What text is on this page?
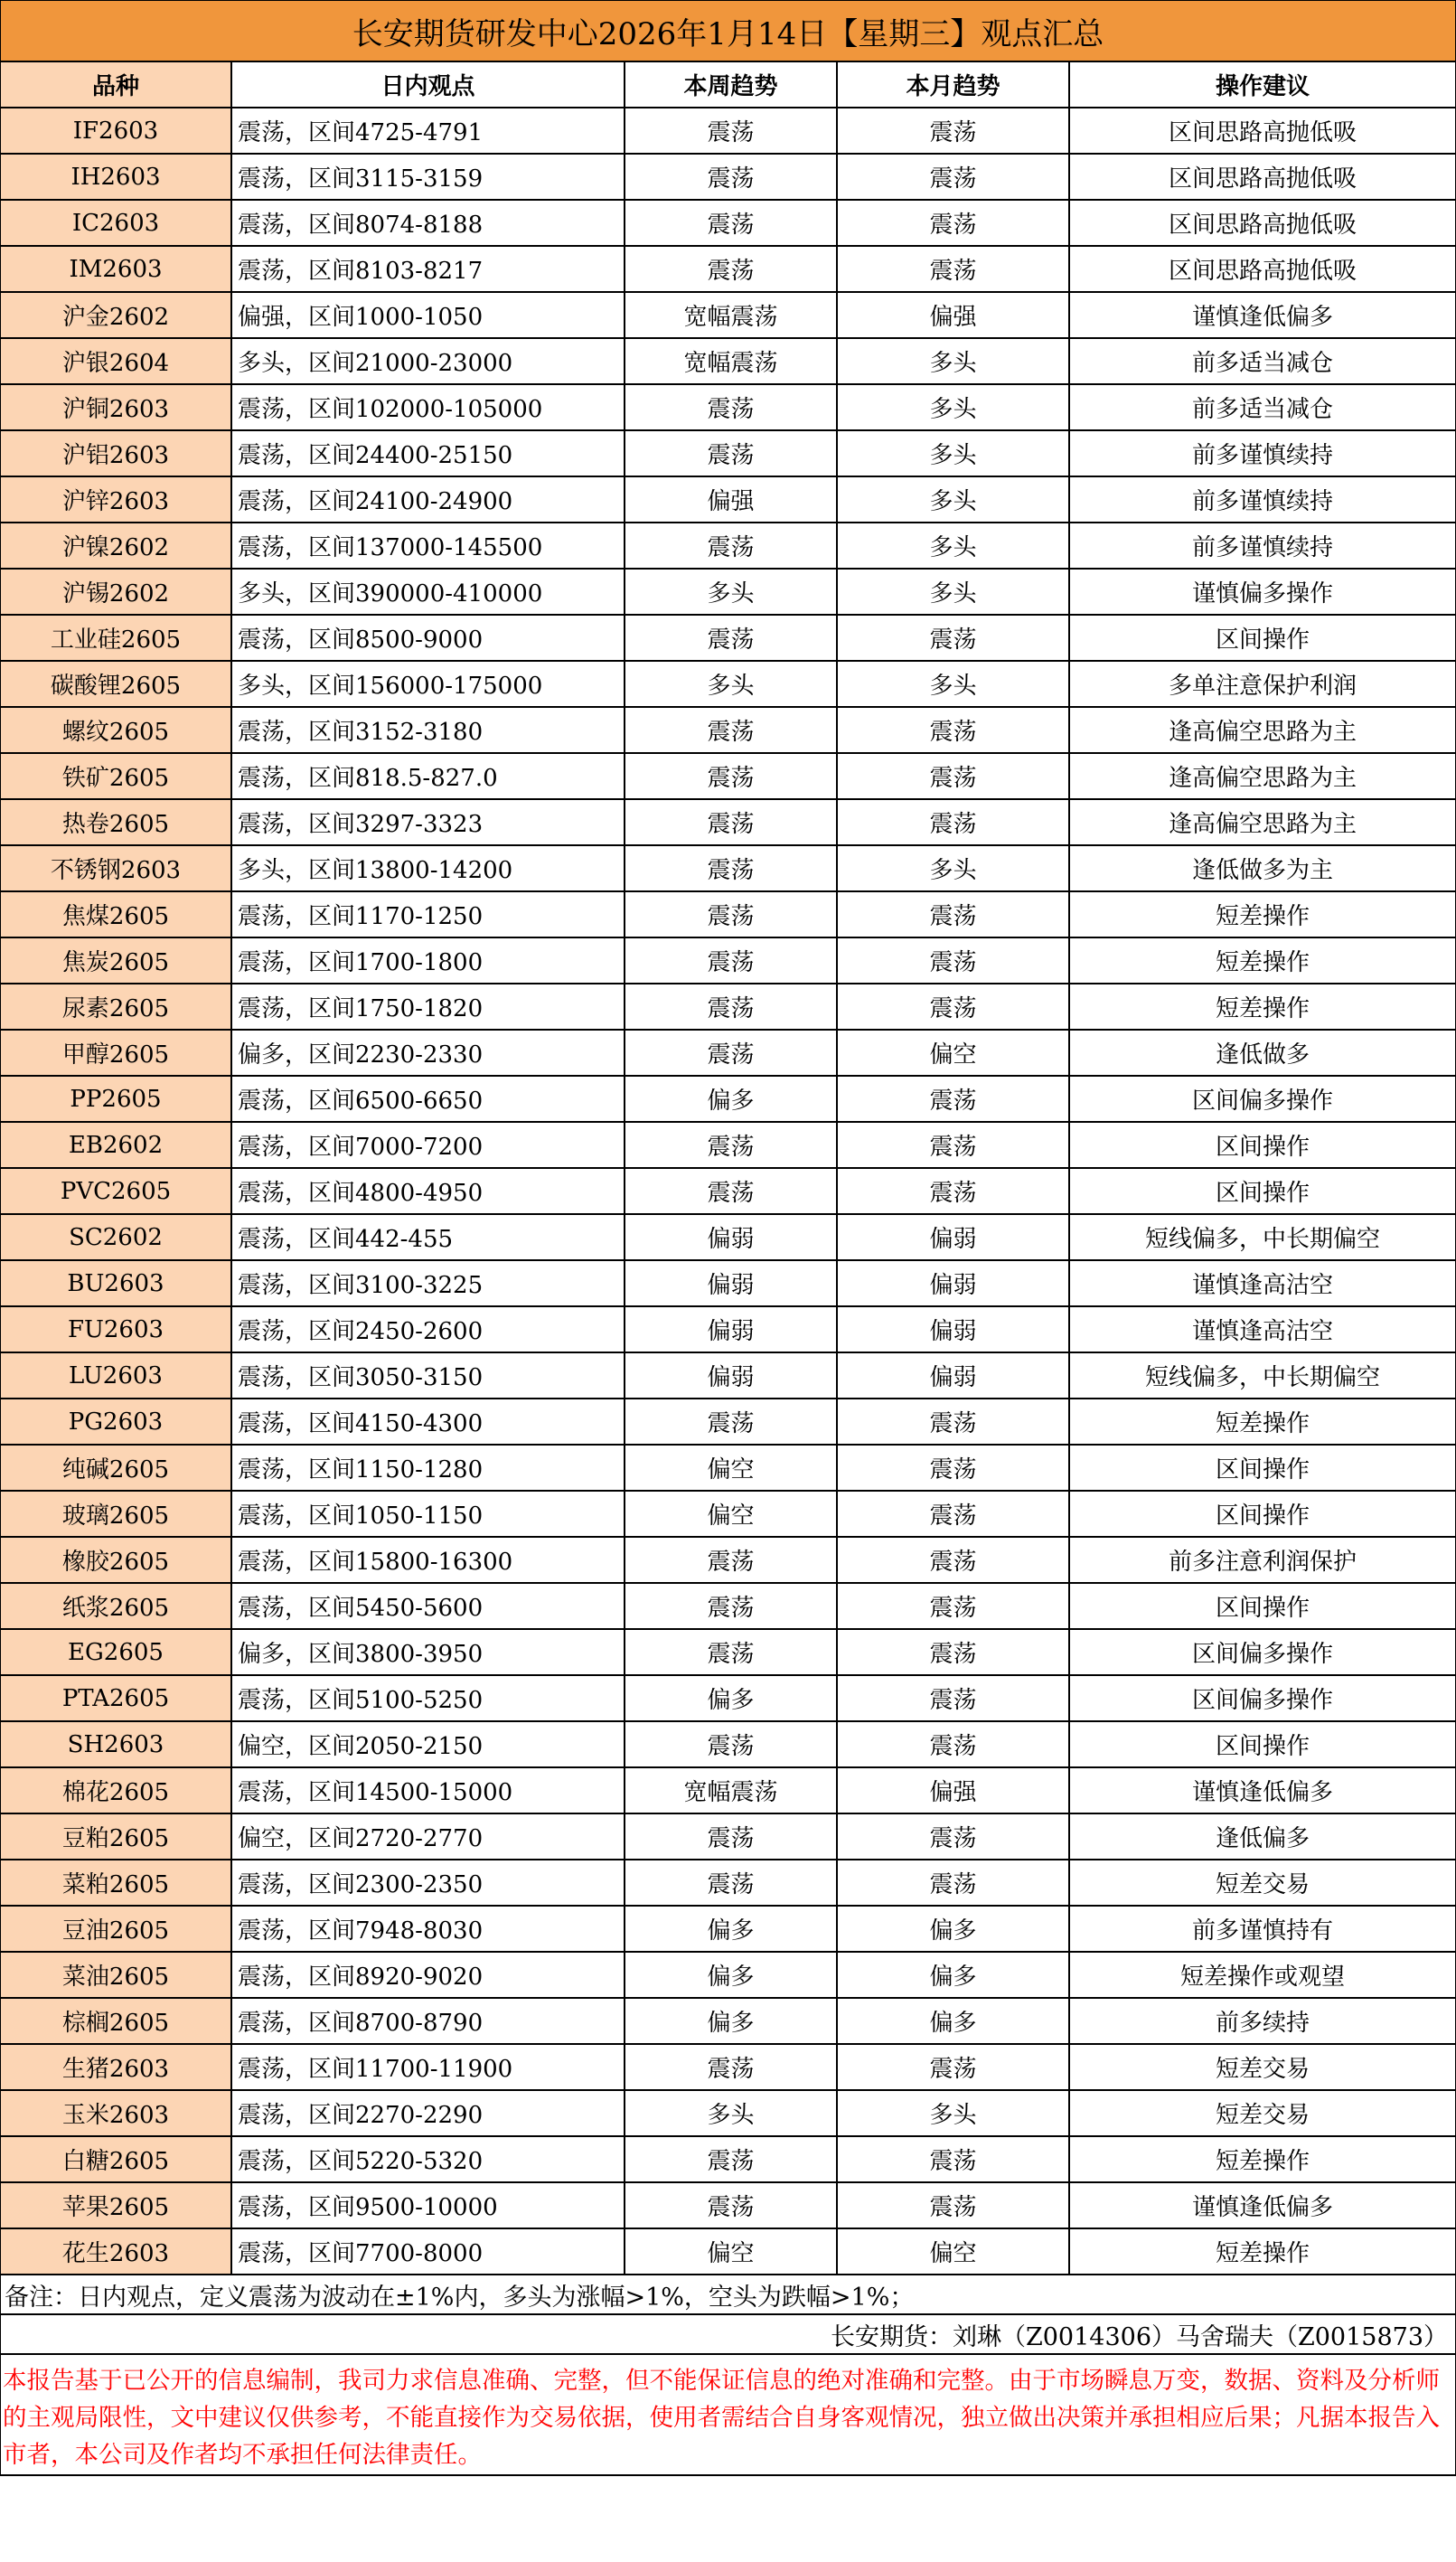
长安期货研发中心2026年1月14日【星期三】观点汇总
品种	日内观点	本周趋势	本月趋势	操作建议
IF2603	震荡，区间4725-4791	震荡	震荡	区间思路高抛低吸
IH2603	震荡，区间3115-3159	震荡	震荡	区间思路高抛低吸
IC2603	震荡，区间8074-8188	震荡	震荡	区间思路高抛低吸
IM2603	震荡，区间8103-8217	震荡	震荡	区间思路高抛低吸
沪金2602	偏强，区间1000-1050	宽幅震荡	偏强	谨慎逢低偏多
沪银2604	多头，区间21000-23000	宽幅震荡	多头	前多适当减仓
沪铜2603	震荡，区间102000-105000	震荡	多头	前多适当减仓
沪铝2603	震荡，区间24400-25150	震荡	多头	前多谨慎续持
沪锌2603	震荡，区间24100-24900	偏强	多头	前多谨慎续持
沪镍2602	震荡，区间137000-145500	震荡	多头	前多谨慎续持
沪锡2602	多头，区间390000-410000	多头	多头	谨慎偏多操作
工业硅2605	震荡，区间8500-9000	震荡	震荡	区间操作
碳酸锂2605	多头，区间156000-175000	多头	多头	多单注意保护利润
螺纹2605	震荡，区间3152-3180	震荡	震荡	逢高偏空思路为主
铁矿2605	震荡，区间818.5-827.0	震荡	震荡	逢高偏空思路为主
热卷2605	震荡，区间3297-3323	震荡	震荡	逢高偏空思路为主
不锈钢2603	多头，区间13800-14200	震荡	多头	逢低做多为主
焦煤2605	震荡，区间1170-1250	震荡	震荡	短差操作
焦炭2605	震荡，区间1700-1800	震荡	震荡	短差操作
尿素2605	震荡，区间1750-1820	震荡	震荡	短差操作
甲醇2605	偏多，区间2230-2330	震荡	偏空	逢低做多
PP2605	震荡，区间6500-6650	偏多	震荡	区间偏多操作
EB2602	震荡，区间7000-7200	震荡	震荡	区间操作
PVC2605	震荡，区间4800-4950	震荡	震荡	区间操作
SC2602	震荡，区间442-455	偏弱	偏弱	短线偏多，中长期偏空
BU2603	震荡，区间3100-3225	偏弱	偏弱	谨慎逢高沽空
FU2603	震荡，区间2450-2600	偏弱	偏弱	谨慎逢高沽空
LU2603	震荡，区间3050-3150	偏弱	偏弱	短线偏多，中长期偏空
PG2603	震荡，区间4150-4300	震荡	震荡	短差操作
纯碱2605	震荡，区间1150-1280	偏空	震荡	区间操作
玻璃2605	震荡，区间1050-1150	偏空	震荡	区间操作
橡胶2605	震荡，区间15800-16300	震荡	震荡	前多注意利润保护
纸浆2605	震荡，区间5450-5600	震荡	震荡	区间操作
EG2605	偏多，区间3800-3950	震荡	震荡	区间偏多操作
PTA2605	震荡，区间5100-5250	偏多	震荡	区间偏多操作
SH2603	偏空，区间2050-2150	震荡	震荡	区间操作
棉花2605	震荡，区间14500-15000	宽幅震荡	偏强	谨慎逢低偏多
豆粕2605	偏空，区间2720-2770	震荡	震荡	逢低偏多
菜粕2605	震荡，区间2300-2350	震荡	震荡	短差交易
豆油2605	震荡，区间7948-8030	偏多	偏多	前多谨慎持有
菜油2605	震荡，区间8920-9020	偏多	偏多	短差操作或观望
棕榈2605	震荡，区间8700-8790	偏多	偏多	前多续持
生猪2603	震荡，区间11700-11900	震荡	震荡	短差交易
玉米2603	震荡，区间2270-2290	多头	多头	短差交易
白糖2605	震荡，区间5220-5320	震荡	震荡	短差操作
苹果2605	震荡，区间9500-10000	震荡	震荡	谨慎逢低偏多
花生2603	震荡，区间7700-8000	偏空	偏空	短差操作
备注：日内观点，定义震荡为波动在±1%内，多头为涨幅>1%，空头为跌幅>1%；
长安期货：刘琳（Z0014306）马舍瑞夫（Z0015873）
本报告基于已公开的信息编制，我司力求信息准确、完整，但不能保证信息的绝对准确和完整。由于市场瞬息万变，数据、资料及分析师的主观局限性，文中建议仅供参考，不能直接作为交易依据，使用者需结合自身客观情况，独立做出决策并承担相应后果；凡据本报告入市者，本公司及作者均不承担任何法律责任。
